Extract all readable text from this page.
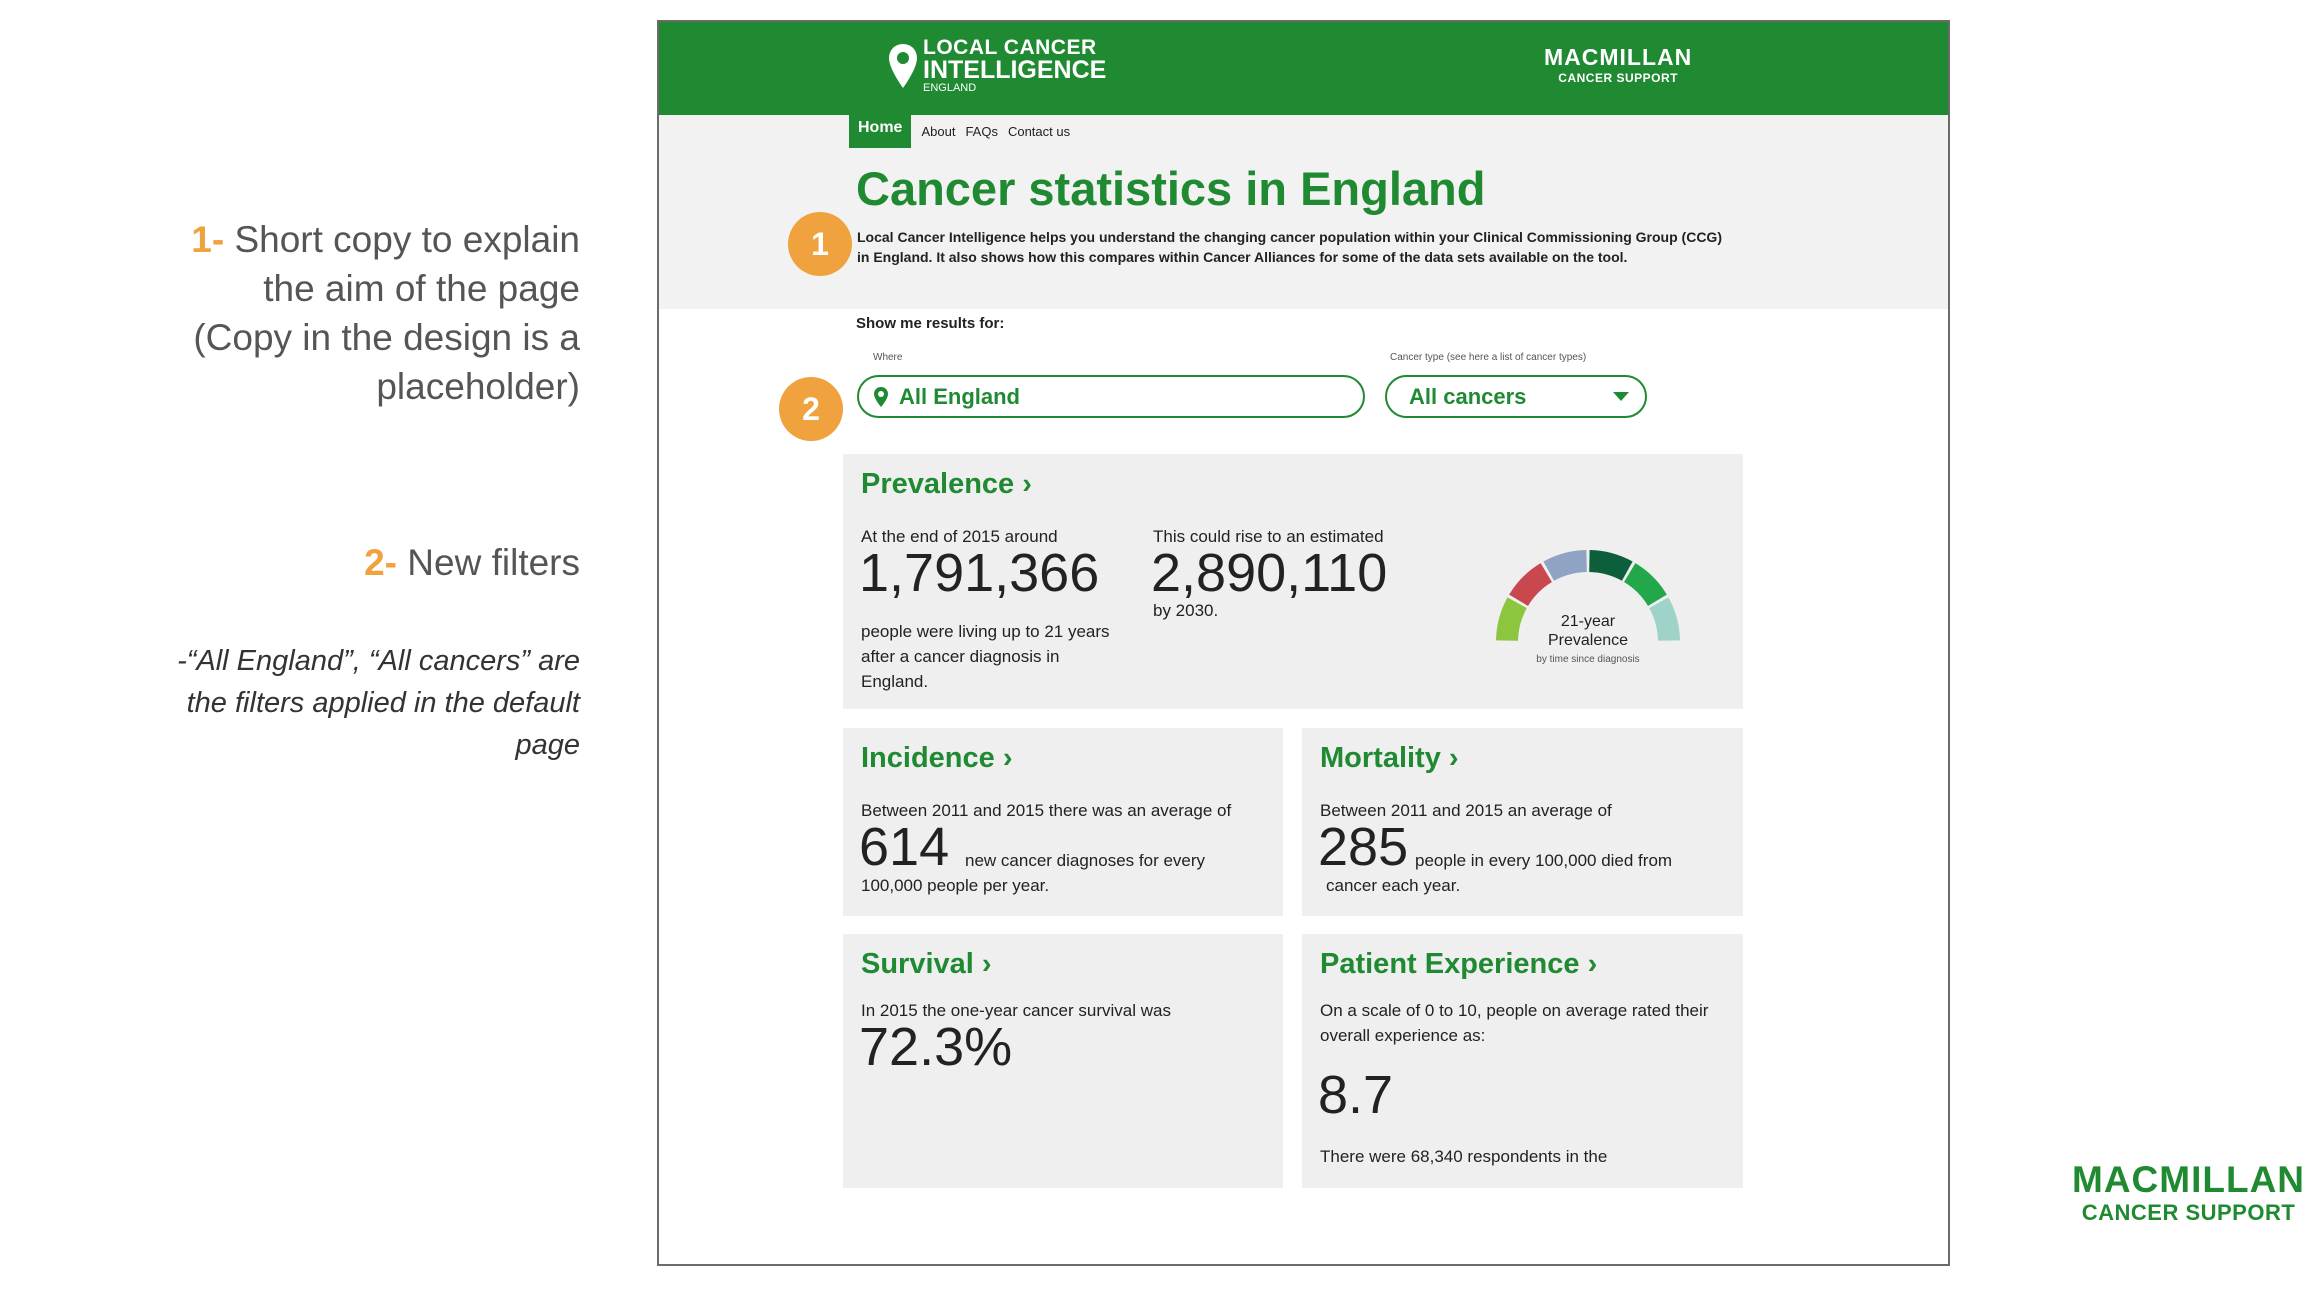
1- Short copy to explain the aim of the page (Copy in the design is a placeholder)
2- New filters
-“All England”, “All cancers” are the filters applied in the default page
LOCAL CANCER
INTELLIGENCE
ENGLAND
MACMILLAN
CANCER SUPPORT
Home	About FAQs Contact us
Cancer statistics in England
Local Cancer Intelligence helps you understand the changing cancer population within your Clinical Commissioning Group (CCG) in England. It also shows how this compares within Cancer Alliances for some of the data sets available on the tool.
1
Show me results for:
Where	Cancer type (see here a list of cancer types)
2	All England	All cancers
Prevalence ›
At the end of 2015 around
1,791,366
people were living up to 21 years after a cancer diagnosis in England.
This could rise to an estimated
2,890,110
by 2030.
21-year
Prevalence
by time since diagnosis
Incidence ›
Between 2011 and 2015 there was an average of
614 new cancer diagnoses for every
100,000 people per year.
Mortality ›
Between 2011 and 2015 an average of
285 people in every 100,000 died from
cancer each year.
Survival ›
In 2015 the one-year cancer survival was
72.3%
Patient Experience ›
On a scale of 0 to 10, people on average rated their overall experience as:
8.7
There were 68,340 respondents in the
MACMILLAN
CANCER SUPPORT
